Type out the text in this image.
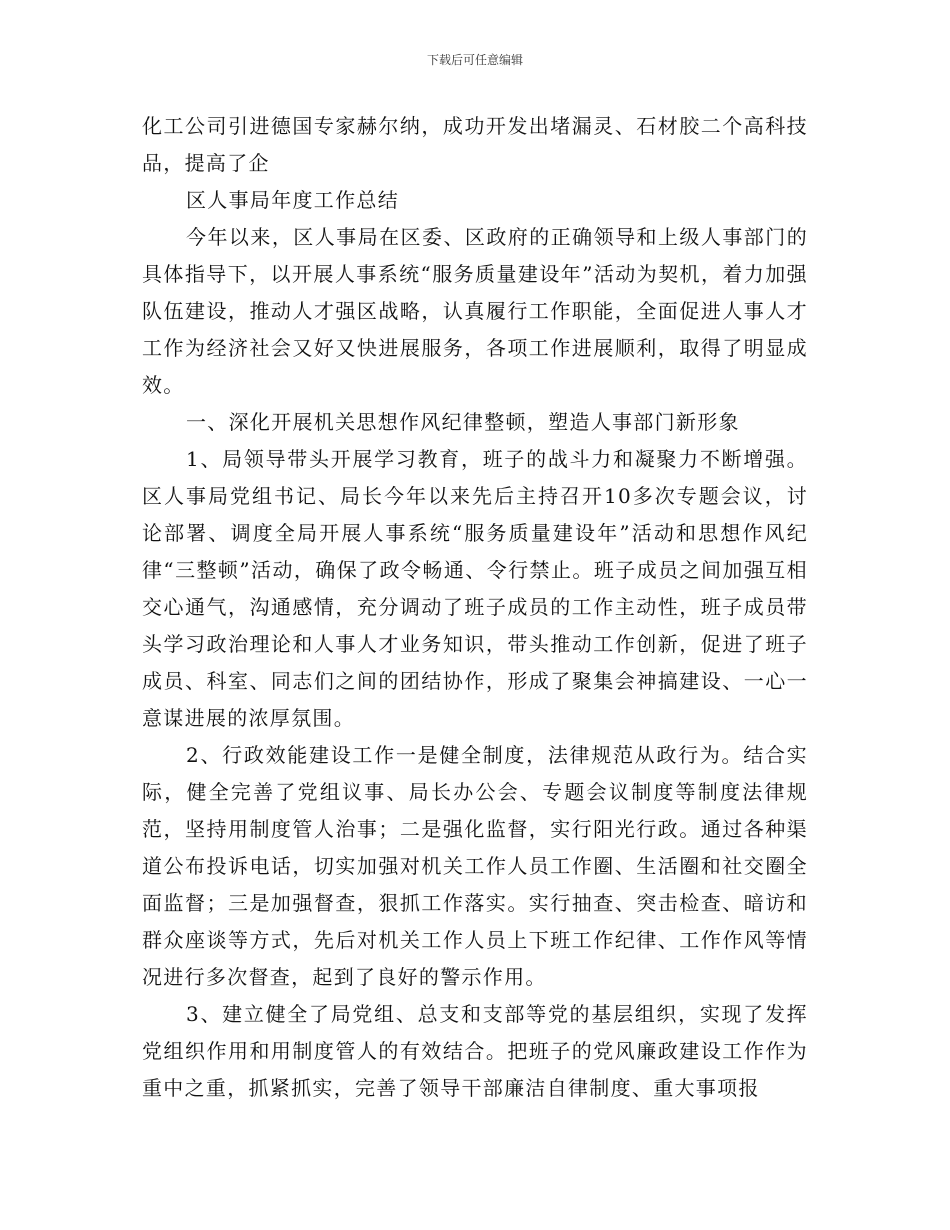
下载后可任意编辑

化工公司引进德国专家赫尔纳，成功开发出堵漏灵、石材胶二个高科技品，提高了企

区人事局年度工作总结

今年以来，区人事局在区委、区政府的正确领导和上级人事部门的具体指导下，以开展人事系统“服务质量建设年”活动为契机，着力加强队伍建设，推动人才强区战略，认真履行工作职能，全面促进人事人才工作为经济社会又好又快进展服务，各项工作进展顺利，取得了明显成效。

一、深化开展机关思想作风纪律整顿，塑造人事部门新形象

1、局领导带头开展学习教育，班子的战斗力和凝聚力不断增强。区人事局党组书记、局长今年以来先后主持召开10多次专题会议，讨论部署、调度全局开展人事系统“服务质量建设年”活动和思想作风纪律“三整顿”活动，确保了政令畅通、令行禁止。班子成员之间加强互相交心通气，沟通感情，充分调动了班子成员的工作主动性，班子成员带头学习政治理论和人事人才业务知识，带头推动工作创新，促进了班子成员、科室、同志们之间的团结协作，形成了聚集会神搞建设、一心一意谋进展的浓厚氛围。

2、行政效能建设工作一是健全制度，法律规范从政行为。结合实际，健全完善了党组议事、局长办公会、专题会议制度等制度法律规范，坚持用制度管人治事；二是强化监督，实行阳光行政。通过各种渠道公布投诉电话，切实加强对机关工作人员工作圈、生活圈和社交圈全面监督；三是加强督查，狠抓工作落实。实行抽查、突击检查、暗访和群众座谈等方式，先后对机关工作人员上下班工作纪律、工作作风等情况进行多次督查，起到了良好的警示作用。

3、建立健全了局党组、总支和支部等党的基层组织，实现了发挥党组织作用和用制度管人的有效结合。把班子的党风廉政建设工作作为重中之重，抓紧抓实，完善了领导干部廉洁自律制度、重大事项报
